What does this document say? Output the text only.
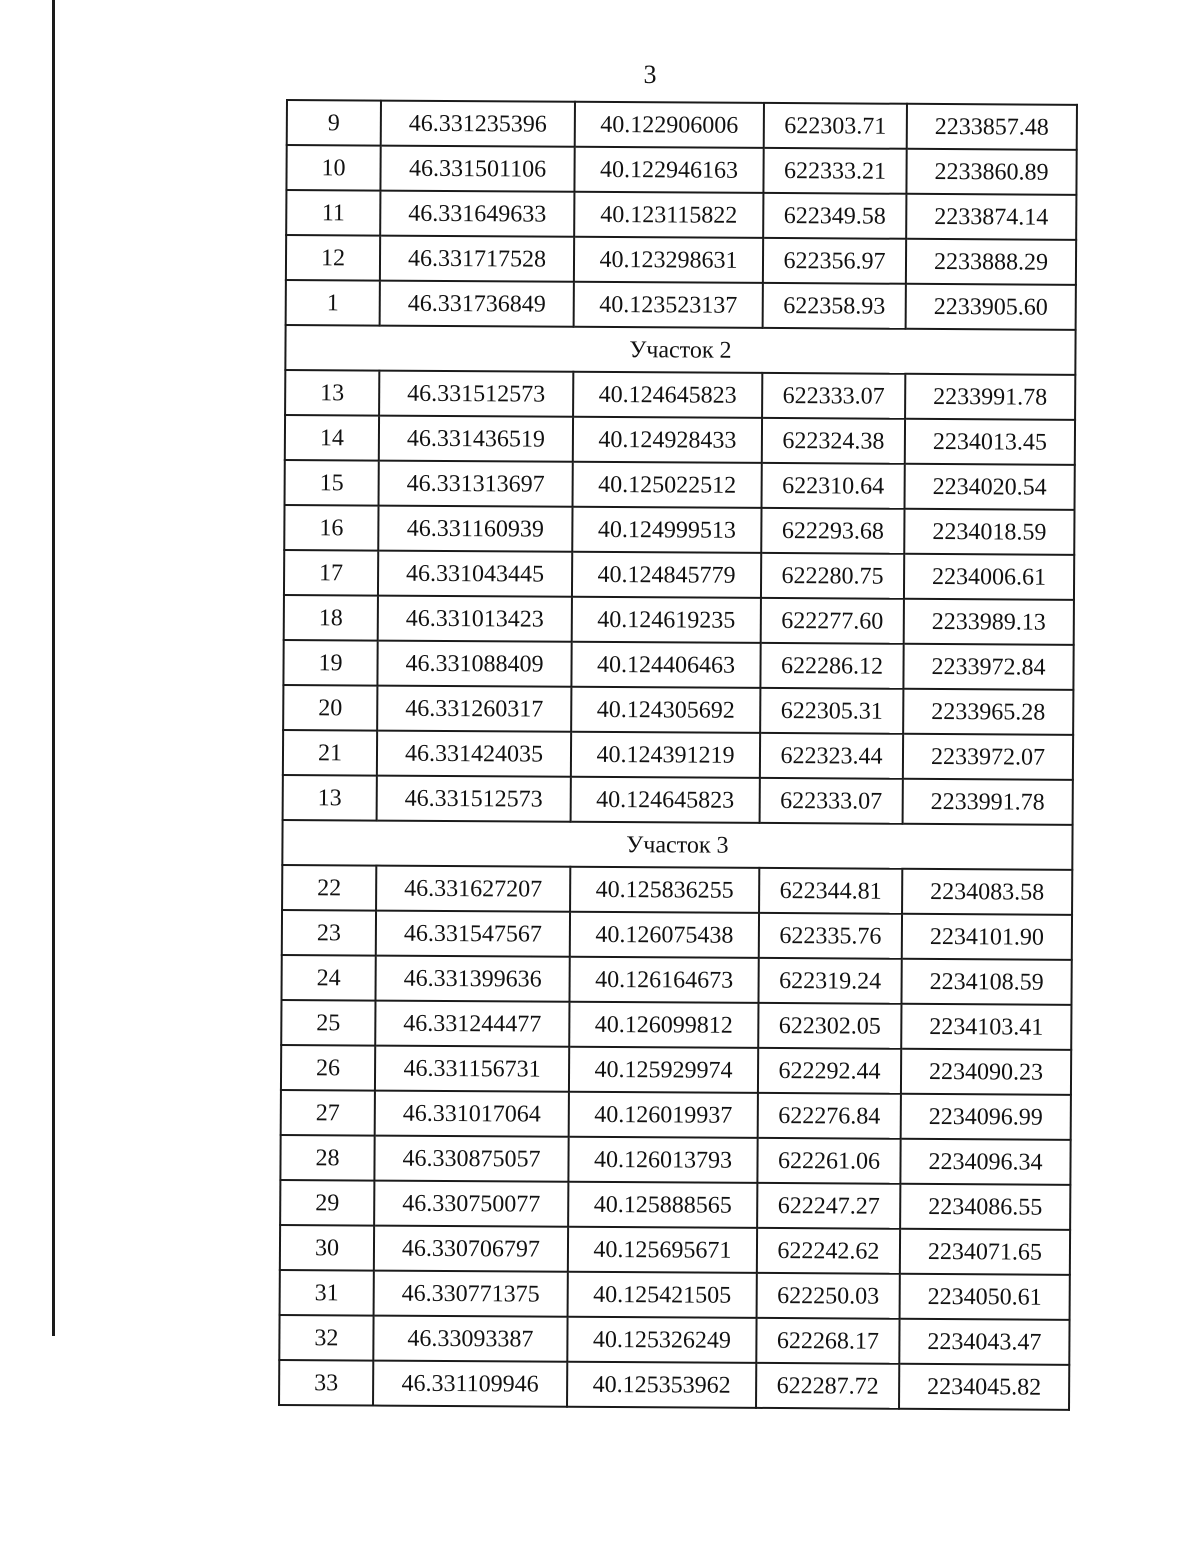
3
9	46.331235396	40.122906006	622303.71	2233857.48
10	46.331501106	40.122946163	622333.21	2233860.89
11	46.331649633	40.123115822	622349.58	2233874.14
12	46.331717528	40.123298631	622356.97	2233888.29
1	46.331736849	40.123523137	622358.93	2233905.60
Участок 2				
13	46.331512573	40.124645823	622333.07	2233991.78
14	46.331436519	40.124928433	622324.38	2234013.45
15	46.331313697	40.125022512	622310.64	2234020.54
16	46.331160939	40.124999513	622293.68	2234018.59
17	46.331043445	40.124845779	622280.75	2234006.61
18	46.331013423	40.124619235	622277.60	2233989.13
19	46.331088409	40.124406463	622286.12	2233972.84
20	46.331260317	40.124305692	622305.31	2233965.28
21	46.331424035	40.124391219	622323.44	2233972.07
13	46.331512573	40.124645823	622333.07	2233991.78
Участок 3				
22	46.331627207	40.125836255	622344.81	2234083.58
23	46.331547567	40.126075438	622335.76	2234101.90
24	46.331399636	40.126164673	622319.24	2234108.59
25	46.331244477	40.126099812	622302.05	2234103.41
26	46.331156731	40.125929974	622292.44	2234090.23
27	46.331017064	40.126019937	622276.84	2234096.99
28	46.330875057	40.126013793	622261.06	2234096.34
29	46.330750077	40.125888565	622247.27	2234086.55
30	46.330706797	40.125695671	622242.62	2234071.65
31	46.330771375	40.125421505	622250.03	2234050.61
32	46.33093387	40.125326249	622268.17	2234043.47
33	46.331109946	40.125353962	622287.72	2234045.82
